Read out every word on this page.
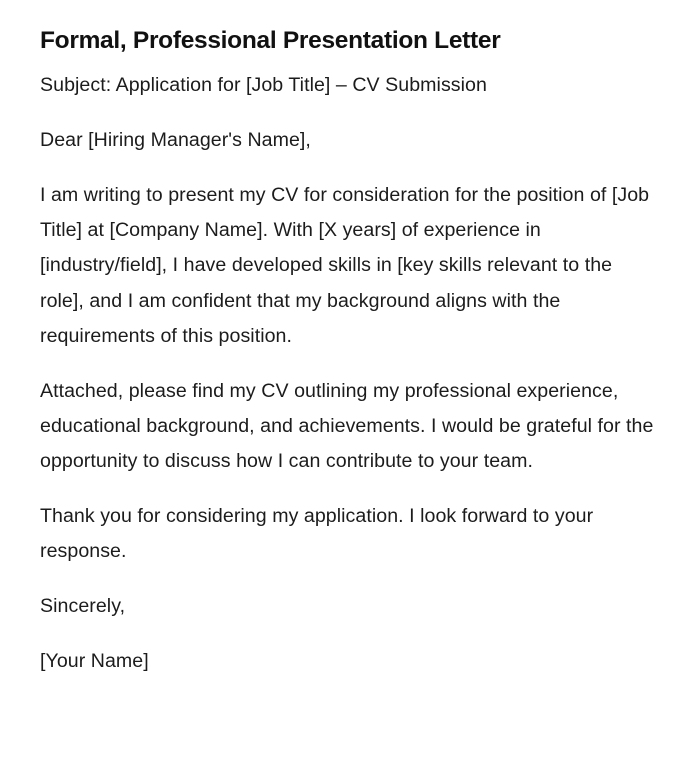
Formal, Professional Presentation Letter

Subject: Application for [Job Title] – CV Submission

Dear [Hiring Manager's Name],

I am writing to present my CV for consideration for the position of [Job Title] at [Company Name]. With [X years] of experience in [industry/field], I have developed skills in [key skills relevant to the role], and I am confident that my background aligns with the requirements of this position.

Attached, please find my CV outlining my professional experience, educational background, and achievements. I would be grateful for the opportunity to discuss how I can contribute to your team.

Thank you for considering my application. I look forward to your response.

Sincerely,

[Your Name]
